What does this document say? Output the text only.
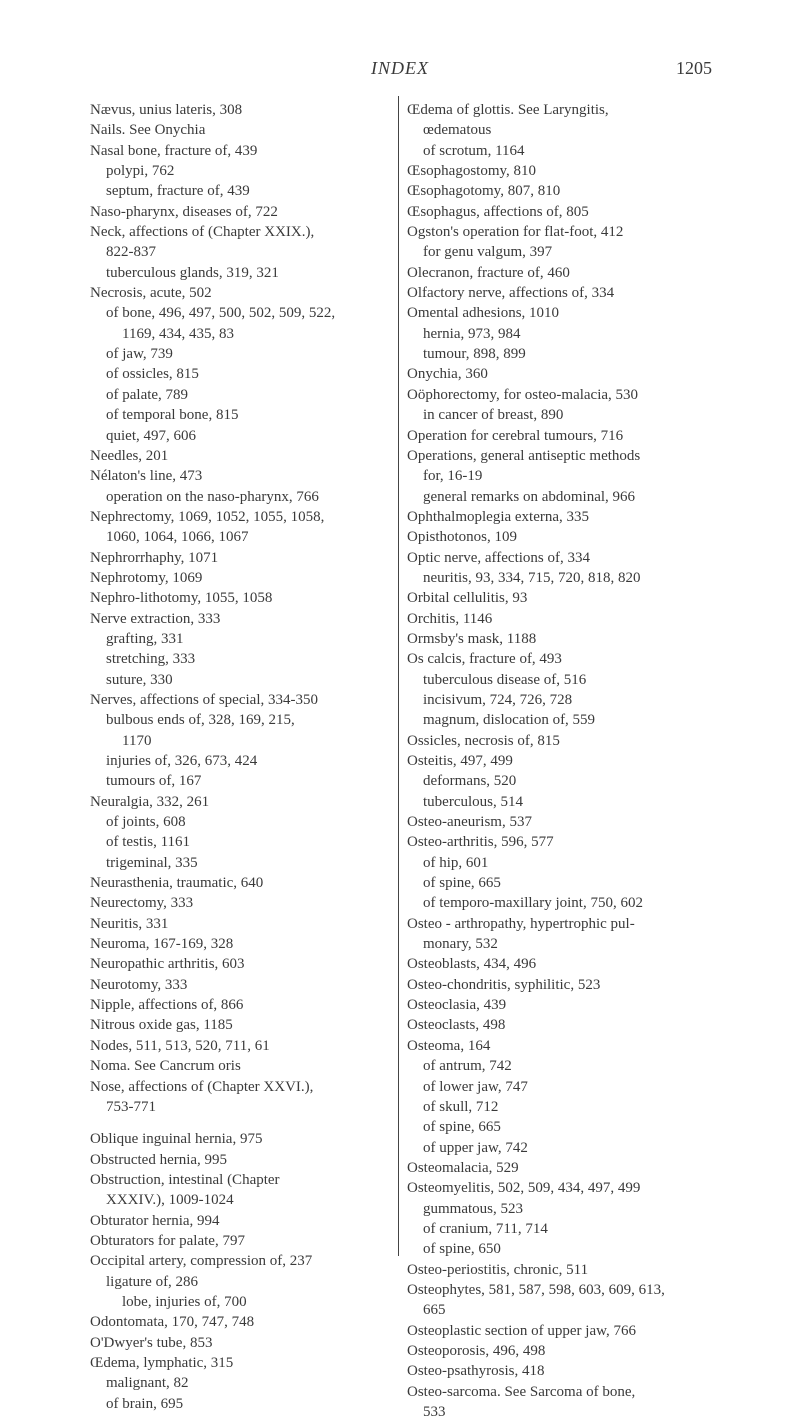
INDEX	1205
Nævus, unius lateris, 308
Nails. See Onychia
Nasal bone, fracture of, 439
polypi, 762
septum, fracture of, 439
Naso-pharynx, diseases of, 722
Neck, affections of (Chapter XXIX.),
822-837
tuberculous glands, 319, 321
Necrosis, acute, 502
of bone, 496, 497, 500, 502, 509, 522,
1169, 434, 435, 83
of jaw, 739
of ossicles, 815
of palate, 789
of temporal bone, 815
quiet, 497, 606
Needles, 201
Nélaton's line, 473
operation on the naso-pharynx, 766
Nephrectomy, 1069, 1052, 1055, 1058,
1060, 1064, 1066, 1067
Nephrorrhaphy, 1071
Nephrotomy, 1069
Nephro-lithotomy, 1055, 1058
Nerve extraction, 333
grafting, 331
stretching, 333
suture, 330
Nerves, affections of special, 334-350
bulbous ends of, 328, 169, 215,
1170
injuries of, 326, 673, 424
tumours of, 167
Neuralgia, 332, 261
of joints, 608
of testis, 1161
trigeminal, 335
Neurasthenia, traumatic, 640
Neurectomy, 333
Neuritis, 331
Neuroma, 167-169, 328
Neuropathic arthritis, 603
Neurotomy, 333
Nipple, affections of, 866
Nitrous oxide gas, 1185
Nodes, 511, 513, 520, 711, 61
Noma. See Cancrum oris
Nose, affections of (Chapter XXVI.),
753-771
Oblique inguinal hernia, 975
Obstructed hernia, 995
Obstruction, intestinal (Chapter
XXXIV.), 1009-1024
Obturator hernia, 994
Obturators for palate, 797
Occipital artery, compression of, 237
ligature of, 286
lobe, injuries of, 700
Odontomata, 170, 747, 748
O'Dwyer's tube, 853
Œdema, lymphatic, 315
malignant, 82
of brain, 695
Œdema of glottis. See Laryngitis,
œdematous
of scrotum, 1164
Œsophagostomy, 810
Œsophagotomy, 807, 810
Œsophagus, affections of, 805
Ogston's operation for flat-foot, 412
for genu valgum, 397
Olecranon, fracture of, 460
Olfactory nerve, affections of, 334
Omental adhesions, 1010
hernia, 973, 984
tumour, 898, 899
Onychia, 360
Oöphorectomy, for osteo-malacia, 530
in cancer of breast, 890
Operation for cerebral tumours, 716
Operations, general antiseptic methods
for, 16-19
general remarks on abdominal, 966
Ophthalmoplegia externa, 335
Opisthotonos, 109
Optic nerve, affections of, 334
neuritis, 93, 334, 715, 720, 818, 820
Orbital cellulitis, 93
Orchitis, 1146
Ormsby's mask, 1188
Os calcis, fracture of, 493
tuberculous disease of, 516
incisivum, 724, 726, 728
magnum, dislocation of, 559
Ossicles, necrosis of, 815
Osteitis, 497, 499
deformans, 520
tuberculous, 514
Osteo-aneurism, 537
Osteo-arthritis, 596, 577
of hip, 601
of spine, 665
of temporo-maxillary joint, 750, 602
Osteo - arthropathy, hypertrophic pul-
monary, 532
Osteoblasts, 434, 496
Osteo-chondritis, syphilitic, 523
Osteoclasia, 439
Osteoclasts, 498
Osteoma, 164
of antrum, 742
of lower jaw, 747
of skull, 712
of spine, 665
of upper jaw, 742
Osteomalacia, 529
Osteomyelitis, 502, 509, 434, 497, 499
gummatous, 523
of cranium, 711, 714
of spine, 650
Osteo-periostitis, chronic, 511
Osteophytes, 581, 587, 598, 603, 609, 613,
665
Osteoplastic section of upper jaw, 766
Osteoporosis, 496, 498
Osteo-psathyrosis, 418
Osteo-sarcoma. See Sarcoma of bone,
533
